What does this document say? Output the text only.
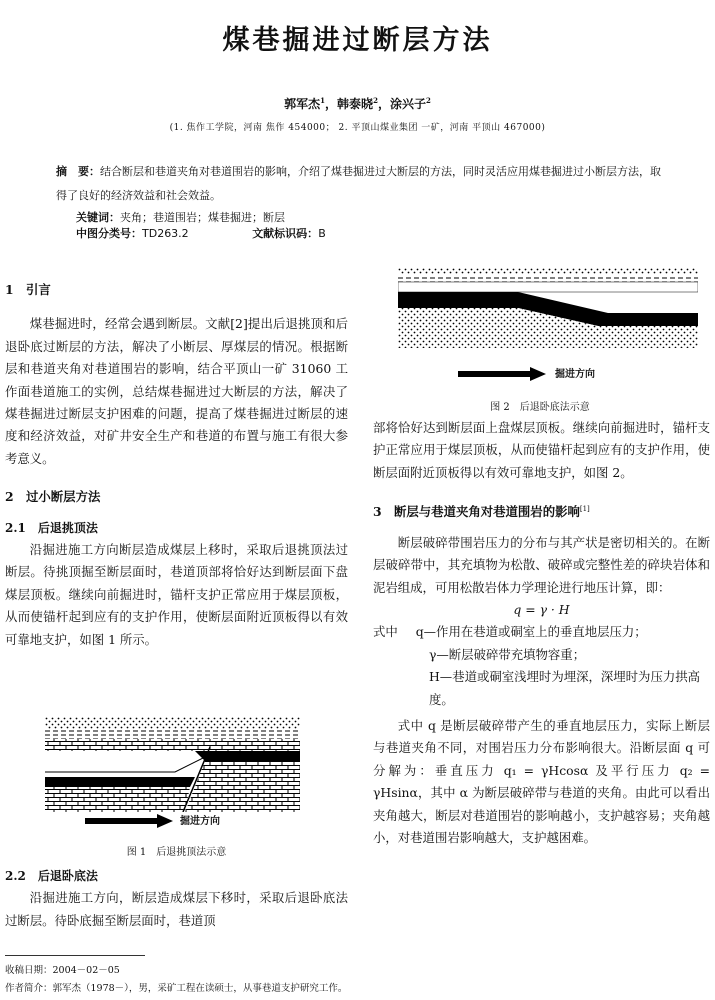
煤巷掘进过断层方法
郭军杰$^1$，韩泰晓$^2$，涂兴子$^2$
(1. 焦作工学院，河南 焦作 454000； 2. 平顶山煤业集团 一矿，河南 平顶山 467000)
摘　要：结合断层和巷道夹角对巷道围岩的影响，介绍了煤巷掘进过大断层的方法，同时灵活应用煤巷掘进过小断层方法，取得了良好的经济效益和社会效益。
关键词：夹角；巷道围岩；煤巷掘进；断层
中图分类号：TD263.2	文献标识码：B
1　引言
煤巷掘进时，经常会遇到断层。文献[2]提出后退挑顶和后退卧底过断层的方法，解决了小断层、厚煤层的情况。根据断层和巷道夹角对巷道围岩的影响，结合平顶山一矿 31060 工作面巷道施工的实例，总结煤巷掘进过大断层的方法，解决了煤巷掘进过断层支护困难的问题，提高了煤巷掘进过断层的速度和经济效益，对矿井安全生产和巷道的布置与施工有很大参考意义。
2　过小断层方法
2.1　后退挑顶法
沿掘进施工方向断层造成煤层上移时，采取后退挑顶法过断层。待挑顶掘至断层面时，巷道顶部将恰好达到断层面下盘煤层顶板。继续向前掘进时，锚杆支护正常应用于煤层顶板，从而使锚杆起到应有的支护作用，使断层面附近顶板得以有效可靠地支护，如图 1 所示。
掘进方向
图 1　后退挑顶法示意
2.2　后退卧底法
沿掘进施工方向，断层造成煤层下移时，采取后退卧底法过断层。待卧底掘至断层面时，巷道顶
收稿日期：2004－02－05
作者简介：郭军杰（1978－），男，采矿工程在读硕士，从事巷道支护研究工作。
掘进方向
图 2　后退卧底法示意
部将恰好达到断层面上盘煤层顶板。继续向前掘进时，锚杆支护正常应用于煤层顶板，从而使锚杆起到应有的支护作用，使断层面附近顶板得以有效可靠地支护，如图 2。
3　断层与巷道夹角对巷道围岩的影响[1]
断层破碎带围岩压力的分布与其产状是密切相关的。在断层破碎带中，其充填物为松散、破碎或完整性差的碎块岩体和泥岩组成，可用松散岩体力学理论进行地压计算，即：
q = γ · H
式中 q—作用在巷道或硐室上的垂直地层压力；
γ—断层破碎带充填物容重；
H—巷道或硐室浅埋时为埋深，深埋时为压力拱高度。
式中 q 是断层破碎带产生的垂直地层压力，实际上断层与巷道夹角不同，对围岩压力分布影响很大。沿断层面 q 可分解为：垂直压力 q₁ = γHcosα 及平行压力 q₂ = γHsinα，其中 α 为断层破碎带与巷道的夹角。由此可以看出夹角越大，断层对巷道围岩的影响越小，支护越容易；夹角越小，对巷道围岩影响越大，支护越困难。
